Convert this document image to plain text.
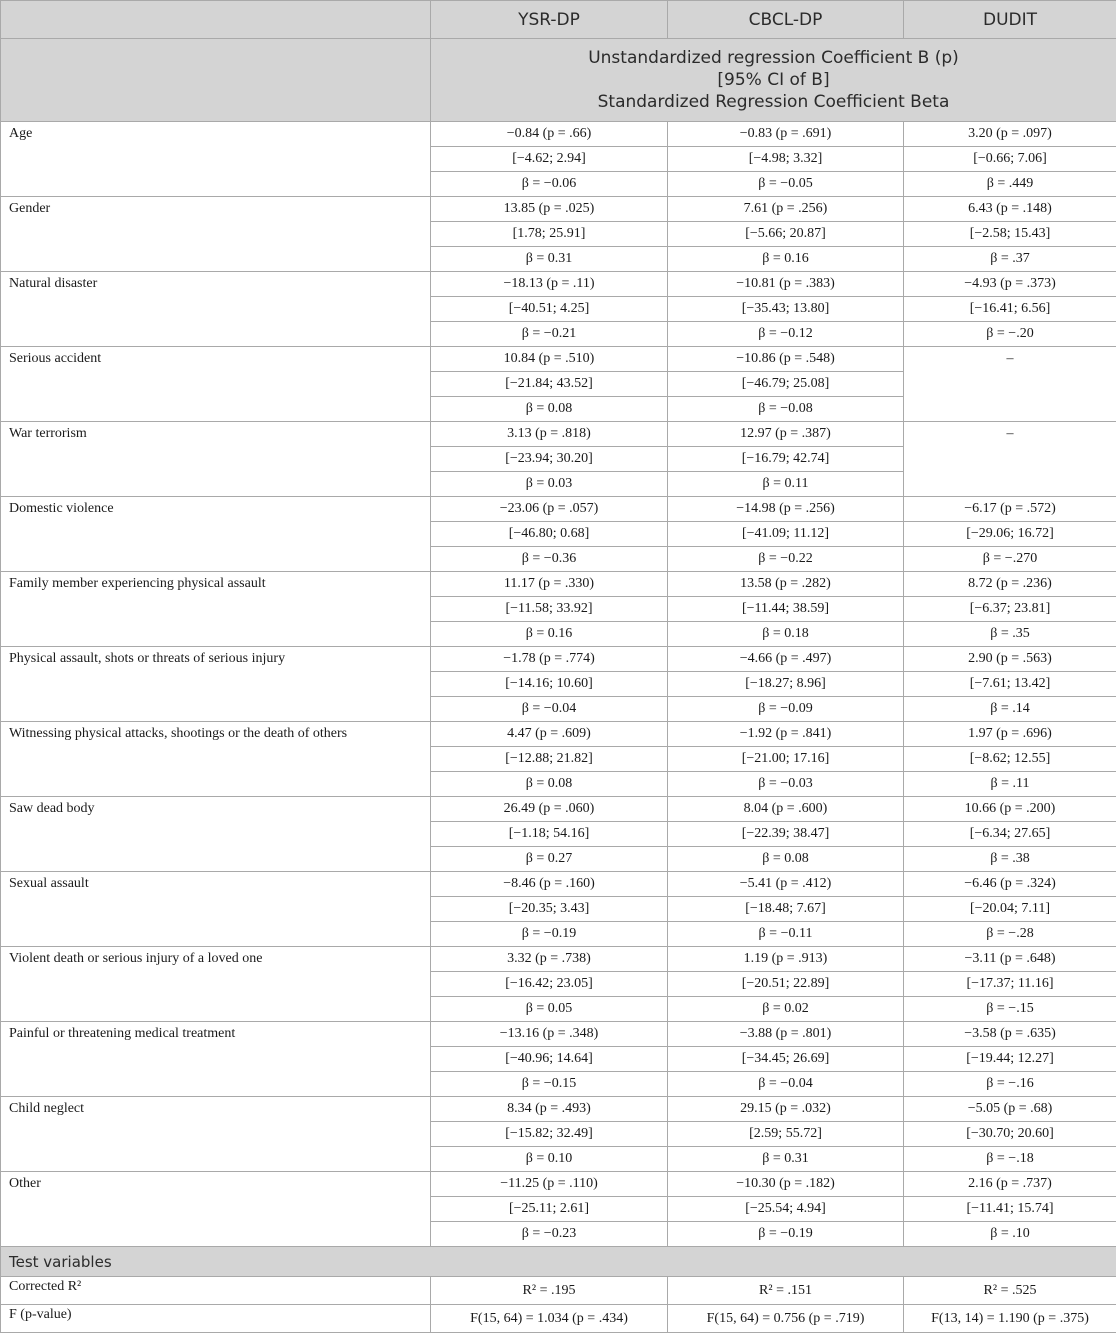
	YSR-DP	CBCL-DP	DUDIT

	Unstandardized regression Coefficient B (p)
[95% CI of B]
Standardized Regression Coefficient Beta		

Age	−0.84 (p = .66)	−0.83 (p = .691)	3.20 (p = .097)
	[−4.62; 2.94]	[−4.98; 3.32]	[−0.66; 7.06]
	β = −0.06	β = −0.05	β = .449
Gender	13.85 (p = .025)	7.61 (p = .256)	6.43 (p = .148)
	[1.78; 25.91]	[−5.66; 20.87]	[−2.58; 15.43]
	β = 0.31	β = 0.16	β = .37
Natural disaster	−18.13 (p = .11)	−10.81 (p = .383)	−4.93 (p = .373)
	[−40.51; 4.25]	[−35.43; 13.80]	[−16.41; 6.56]
	β = −0.21	β = −0.12	β = −.20
Serious accident	10.84 (p = .510)	−10.86 (p = .548)	–
	[−21.84; 43.52]	[−46.79; 25.08]	
	β = 0.08	β = −0.08	
War terrorism	3.13 (p = .818)	12.97 (p = .387)	–
	[−23.94; 30.20]	[−16.79; 42.74]	
	β = 0.03	β = 0.11	
Domestic violence	−23.06 (p = .057)	−14.98 (p = .256)	−6.17 (p = .572)
	[−46.80; 0.68]	[−41.09; 11.12]	[−29.06; 16.72]
	β = −0.36	β = −0.22	β = −.270
Family member experiencing physical assault	11.17 (p = .330)	13.58 (p = .282)	8.72 (p = .236)
	[−11.58; 33.92]	[−11.44; 38.59]	[−6.37; 23.81]
	β = 0.16	β = 0.18	β = .35
Physical assault, shots or threats of serious injury	−1.78 (p = .774)	−4.66 (p = .497)	2.90 (p = .563)
	[−14.16; 10.60]	[−18.27; 8.96]	[−7.61; 13.42]
	β = −0.04	β = −0.09	β = .14
Witnessing physical attacks, shootings or the death of others	4.47 (p = .609)	−1.92 (p = .841)	1.97 (p = .696)
	[−12.88; 21.82]	[−21.00; 17.16]	[−8.62; 12.55]
	β = 0.08	β = −0.03	β = .11
Saw dead body	26.49 (p = .060)	8.04 (p = .600)	10.66 (p = .200)
	[−1.18; 54.16]	[−22.39; 38.47]	[−6.34; 27.65]
	β = 0.27	β = 0.08	β = .38
Sexual assault	−8.46 (p = .160)	−5.41 (p = .412)	−6.46 (p = .324)
	[−20.35; 3.43]	[−18.48; 7.67]	[−20.04; 7.11]
	β = −0.19	β = −0.11	β = −.28
Violent death or serious injury of a loved one	3.32 (p = .738)	1.19 (p = .913)	−3.11 (p = .648)
	[−16.42; 23.05]	[−20.51; 22.89]	[−17.37; 11.16]
	β = 0.05	β = 0.02	β = −.15
Painful or threatening medical treatment	−13.16 (p = .348)	−3.88 (p = .801)	−3.58 (p = .635)
	[−40.96; 14.64]	[−34.45; 26.69]	[−19.44; 12.27]
	β = −0.15	β = −0.04	β = −.16
Child neglect	8.34 (p = .493)	29.15 (p = .032)	−5.05 (p = .68)
	[−15.82; 32.49]	[2.59; 55.72]	[−30.70; 20.60]
	β = 0.10	β = 0.31	β = −.18
Other	−11.25 (p = .110)	−10.30 (p = .182)	2.16 (p = .737)
	[−25.11; 2.61]	[−25.54; 4.94]	[−11.41; 15.74]
	β = −0.23	β = −0.19	β = .10
Test variables			
Corrected R²	R² = .195	R² = .151	R² = .525
F (p-value)	F(15, 64) = 1.034 (p = .434)	F(15, 64) = 0.756 (p = .719)	F(13, 14) = 1.190 (p = .375)
